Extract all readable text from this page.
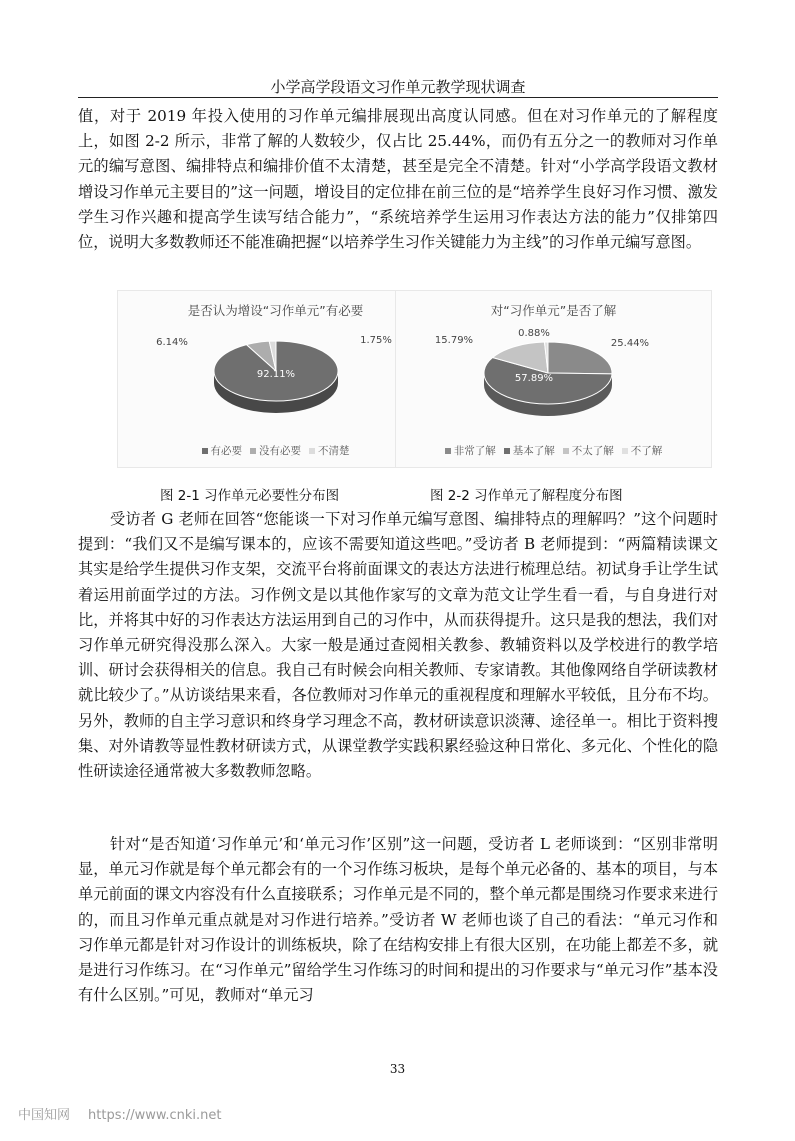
小学高学段语文习作单元教学现状调查

值，对于 2019 年投入使用的习作单元编排展现出高度认同感。但在对习作单元的了解程度上，如图 2-2 所示，非常了解的人数较少，仅占比 25.44%，而仍有五分之一的教师对习作单元的编写意图、编排特点和编排价值不太清楚，甚至是完全不清楚。针对“小学高学段语文教材增设习作单元主要目的”这一问题，增设目的定位排在前三位的是“培养学生良好习作习惯、激发学生习作兴趣和提高学生读写结合能力”，“系统培养学生运用习作表达方法的能力”仅排第四位，说明大多数教师还不能准确把握“以培养学生习作关键能力为主线”的习作单元编写意图。

是否认为增设“习作单元”有必要
92.11%
6.14%	1.75%
有必要 没有必要 不清楚
对“习作单元”是否了解
25.44%
57.89%
15.79%
0.88%
非常了解 基本了解 不太了解 不了解
图 2-1 习作单元必要性分布图	图 2-2 习作单元了解程度分布图

受访者 G 老师在回答“您能谈一下对习作单元编写意图、编排特点的理解吗？”这个问题时提到：“我们又不是编写课本的，应该不需要知道这些吧。”受访者 B 老师提到：“两篇精读课文其实是给学生提供习作支架，交流平台将前面课文的表达方法进行梳理总结。初试身手让学生试着运用前面学过的方法。习作例文是以其他作家写的文章为范文让学生看一看，与自身进行对比，并将其中好的习作表达方法运用到自己的习作中，从而获得提升。这只是我的想法，我们对习作单元研究得没那么深入。大家一般是通过查阅相关教参、教辅资料以及学校进行的教学培训、研讨会获得相关的信息。我自己有时候会向相关教师、专家请教。其他像网络自学研读教材就比较少了。”从访谈结果来看，各位教师对习作单元的重视程度和理解水平较低，且分布不均。另外，教师的自主学习意识和终身学习理念不高，教材研读意识淡薄、途径单一。相比于资料搜集、对外请教等显性教材研读方式，从课堂教学实践积累经验这种日常化、多元化、个性化的隐性研读途径通常被大多数教师忽略。

针对“是否知道‘习作单元’和‘单元习作’区别”这一问题，受访者 L 老师谈到：“区别非常明显，单元习作就是每个单元都会有的一个习作练习板块，是每个单元必备的、基本的项目，与本单元前面的课文内容没有什么直接联系；习作单元是不同的，整个单元都是围绕习作要求来进行的，而且习作单元重点就是对习作进行培养。”受访者 W 老师也谈了自己的看法：“单元习作和习作单元都是针对习作设计的训练板块，除了在结构安排上有很大区别，在功能上都差不多，就是进行习作练习。在“习作单元”留给学生习作练习的时间和提出的习作要求与“单元习作”基本没有什么区别。”可见，教师对“单元习

33
中国知网 https://www.cnki.net
